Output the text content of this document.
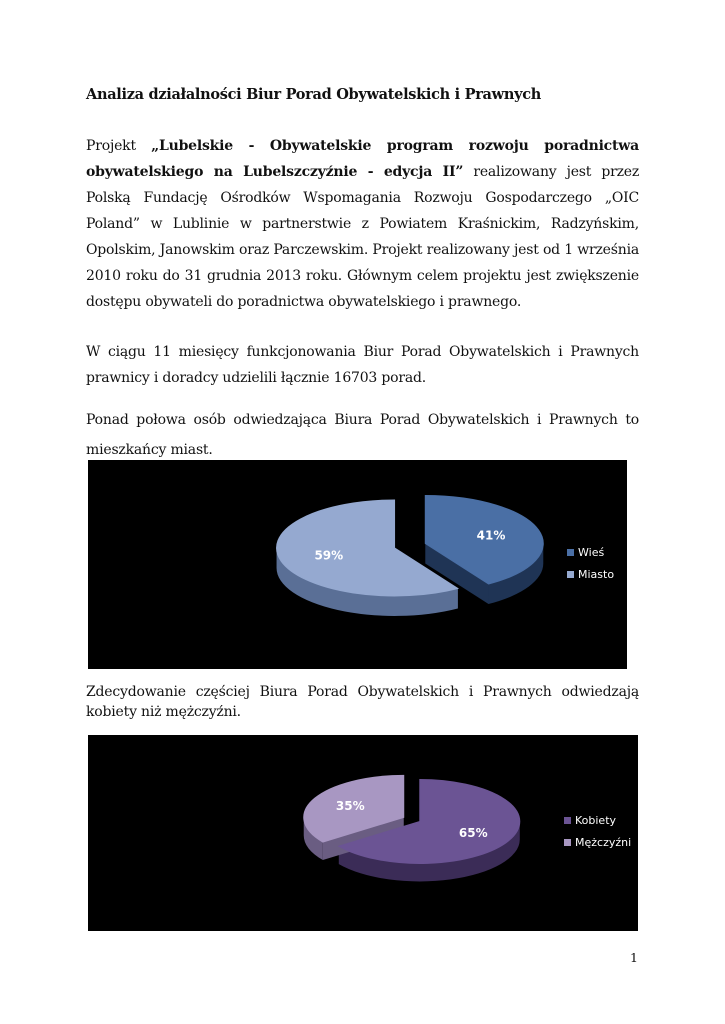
Analiza działalności Biur Porad Obywatelskich i Prawnych
Projekt „Lubelskie - Obywatelskie program rozwoju poradnictwa obywatelskiego na Lubelszczyźnie - edycja II” realizowany jest przez Polską Fundację Ośrodków Wspomagania Rozwoju Gospodarczego „OIC Poland” w Lublinie w partnerstwie z Powiatem Kraśnickim, Radzyńskim, Opolskim, Janowskim oraz Parczewskim. Projekt realizowany jest od 1 września 2010 roku do 31 grudnia 2013 roku. Głównym celem projektu jest zwiększenie dostępu obywateli do poradnictwa obywatelskiego i prawnego.
W ciągu 11 miesięcy funkcjonowania Biur Porad Obywatelskich i Prawnych prawnicy i doradcy udzielili łącznie 16703 porad.
Ponad połowa osób odwiedzająca Biura Porad Obywatelskich i Prawnych to mieszkańcy miast.
41%
59%	Wieś
Miasto
Zdecydowanie częściej Biura Porad Obywatelskich i Prawnych odwiedzają kobiety niż mężczyźni.
65%
35%
Kobiety
Mężczyźni
1
